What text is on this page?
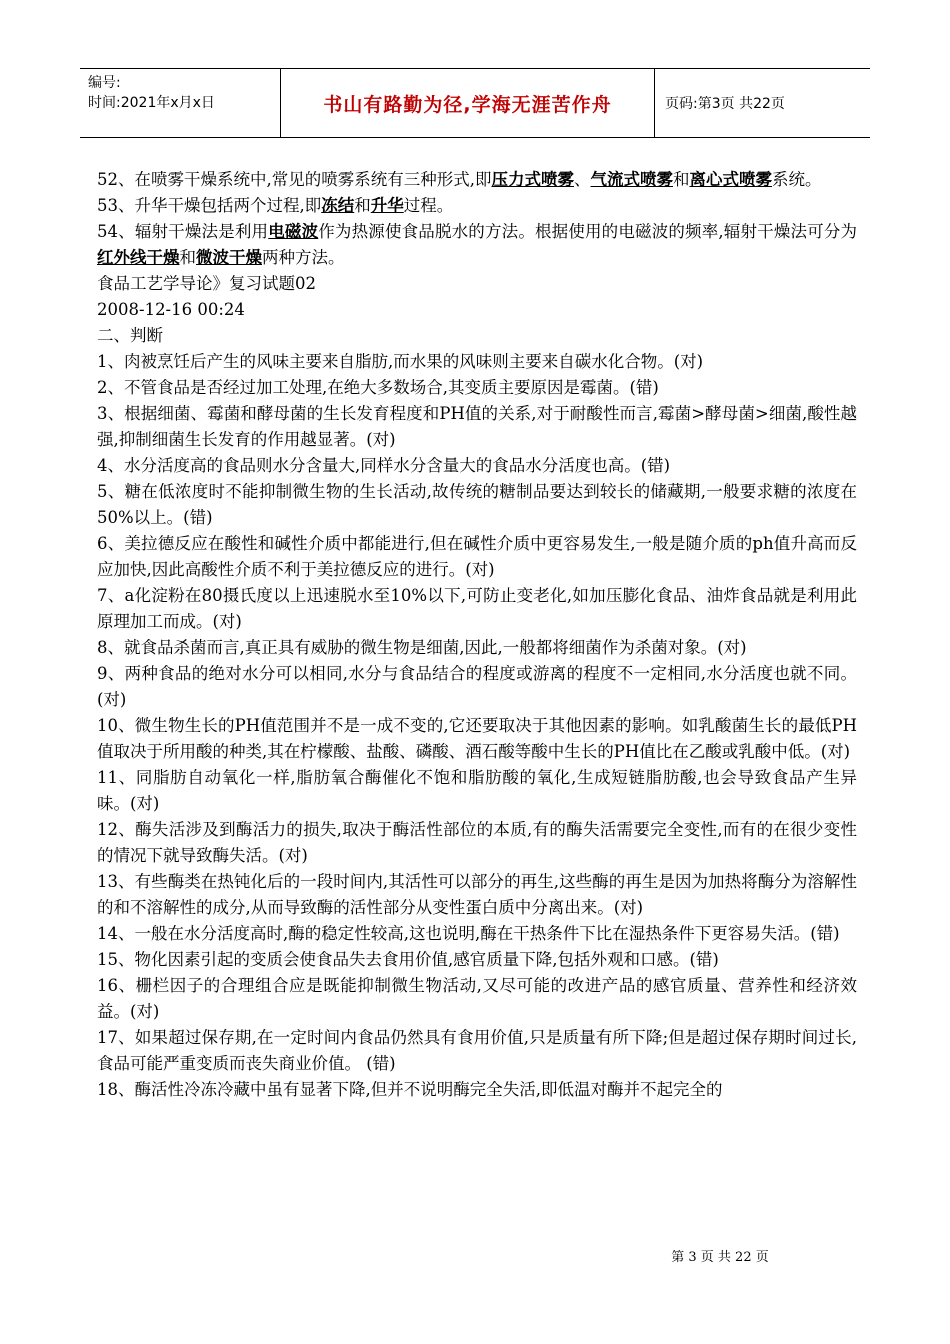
编号:
时间:2021年x月x日	书山有路勤为径,学海无涯苦作舟	页码:第3页 共22页

52、在喷雾干燥系统中,常见的喷雾系统有三种形式,即压力式喷雾、气流式喷雾和离心式喷雾系统。

53、升华干燥包括两个过程,即冻结和升华过程。

54、辐射干燥法是利用电磁波作为热源使食品脱水的方法。根据使用的电磁波的频率,辐射干燥法可分为红外线干燥和微波干燥两种方法。

食品工艺学导论》复习试题02

2008-12-16 00:24

二、判断

1、肉被烹饪后产生的风味主要来自脂肪,而水果的风味则主要来自碳水化合物。(对)

2、不管食品是否经过加工处理,在绝大多数场合,其变质主要原因是霉菌。(错)

3、根据细菌、霉菌和酵母菌的生长发育程度和PH值的关系,对于耐酸性而言,霉菌>酵母菌>细菌,酸性越强,抑制细菌生长发育的作用越显著。(对)

4、水分活度高的食品则水分含量大,同样水分含量大的食品水分活度也高。(错)

5、糖在低浓度时不能抑制微生物的生长活动,故传统的糖制品要达到较长的储藏期,一般要求糖的浓度在50%以上。(错)

6、美拉德反应在酸性和碱性介质中都能进行,但在碱性介质中更容易发生,一般是随介质的ph值升高而反应加快,因此高酸性介质不利于美拉德反应的进行。(对)

7、a化淀粉在80摄氏度以上迅速脱水至10%以下,可防止变老化,如加压膨化食品、油炸食品就是利用此原理加工而成。(对)

8、就食品杀菌而言,真正具有威胁的微生物是细菌,因此,一般都将细菌作为杀菌对象。(对)

9、两种食品的绝对水分可以相同,水分与食品结合的程度或游离的程度不一定相同,水分活度也就不同。(对)

10、微生物生长的PH值范围并不是一成不变的,它还要取决于其他因素的影响。如乳酸菌生长的最低PH值取决于所用酸的种类,其在柠檬酸、盐酸、磷酸、酒石酸等酸中生长的PH值比在乙酸或乳酸中低。(对)

11、同脂肪自动氧化一样,脂肪氧合酶催化不饱和脂肪酸的氧化,生成短链脂肪酸,也会导致食品产生异味。(对)

12、酶失活涉及到酶活力的损失,取决于酶活性部位的本质,有的酶失活需要完全变性,而有的在很少变性的情况下就导致酶失活。(对)

13、有些酶类在热钝化后的一段时间内,其活性可以部分的再生,这些酶的再生是因为加热将酶分为溶解性的和不溶解性的成分,从而导致酶的活性部分从变性蛋白质中分离出来。(对)

14、一般在水分活度高时,酶的稳定性较高,这也说明,酶在干热条件下比在湿热条件下更容易失活。(错)

15、物化因素引起的变质会使食品失去食用价值,感官质量下降,包括外观和口感。(错)

16、栅栏因子的合理组合应是既能抑制微生物活动,又尽可能的改进产品的感官质量、营养性和经济效益。(对)

17、如果超过保存期,在一定时间内食品仍然具有食用价值,只是质量有所下降;但是超过保存期时间过长,食品可能严重变质而丧失商业价值。 (错)

18、酶活性冷冻冷藏中虽有显著下降,但并不说明酶完全失活,即低温对酶并不起完全的

第 3 页 共 22 页
